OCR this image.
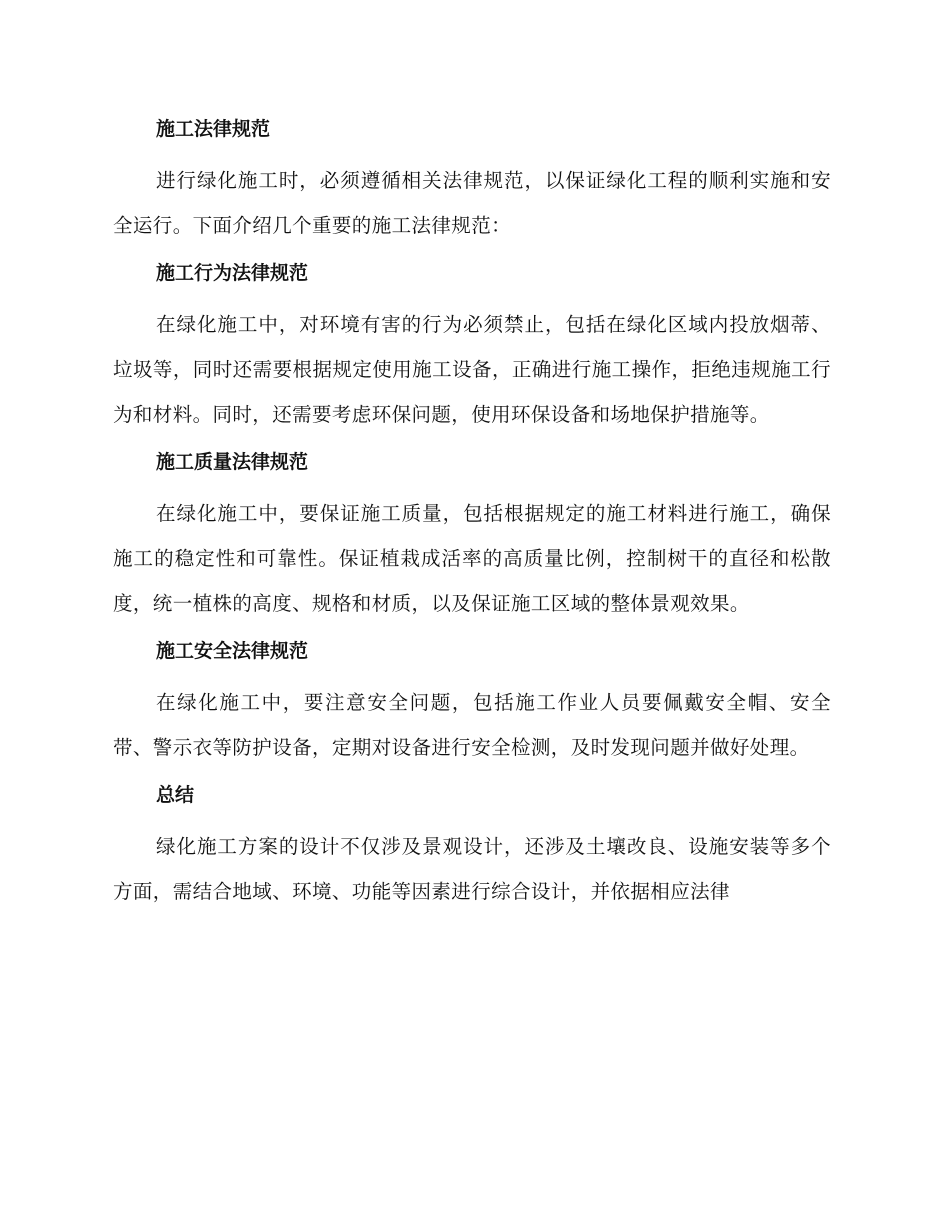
施工法律规范

进行绿化施工时，必须遵循相关法律规范，以保证绿化工程的顺利实施和安全运行。下面介绍几个重要的施工法律规范：

施工行为法律规范

在绿化施工中，对环境有害的行为必须禁止，包括在绿化区域内投放烟蒂、垃圾等，同时还需要根据规定使用施工设备，正确进行施工操作，拒绝违规施工行为和材料。同时，还需要考虑环保问题，使用环保设备和场地保护措施等。

施工质量法律规范

在绿化施工中，要保证施工质量，包括根据规定的施工材料进行施工，确保施工的稳定性和可靠性。保证植栽成活率的高质量比例，控制树干的直径和松散度，统一植株的高度、规格和材质，以及保证施工区域的整体景观效果。

施工安全法律规范

在绿化施工中，要注意安全问题，包括施工作业人员要佩戴安全帽、安全带、警示衣等防护设备，定期对设备进行安全检测，及时发现问题并做好处理。

总结

绿化施工方案的设计不仅涉及景观设计，还涉及土壤改良、设施安装等多个方面，需结合地域、环境、功能等因素进行综合设计，并依据相应法律
